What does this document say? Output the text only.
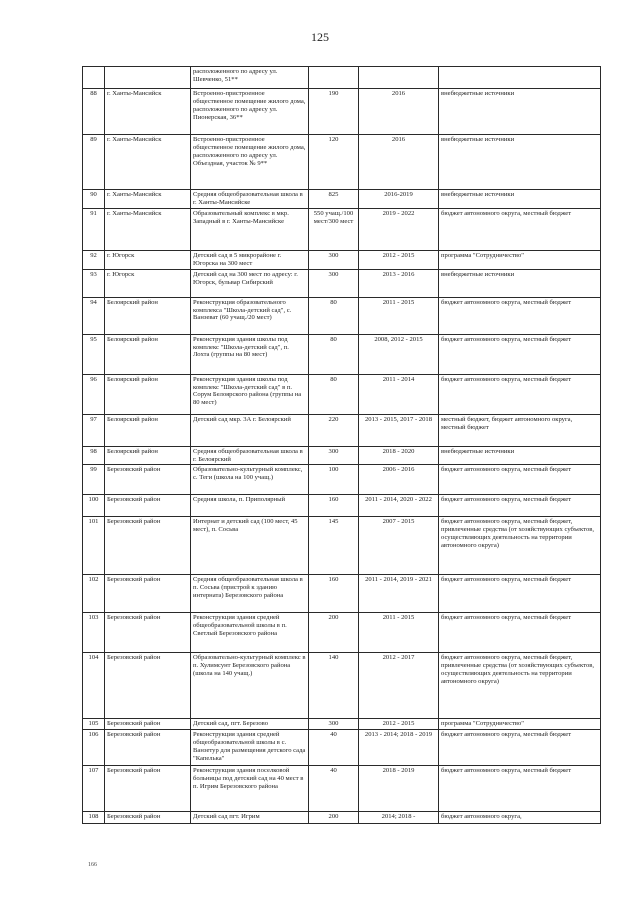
125
		расположенного по адресу ул. Шевченко, 51**			
88	г. Ханты-Мансийск	Встроенно-пристроенное общественное помещение жилого дома, расположенного по адресу ул. Пионерская, 36**	190	2016	внебюджетные источники
89	г. Ханты-Мансийск	Встроенно-пристроенное общественное помещение жилого дома, расположенного по адресу ул. Объездная, участок № 9**	120	2016	внебюджетные источники
90	г. Ханты-Мансийск	Средняя общеобразовательная школа в г. Ханты-Мансийске	825	2016-2019	внебюджетные источники
91	г. Ханты-Мансийск	Образовательный комплекс в мкр. Западный в г. Ханты-Мансийске	550 учащ./100 мест/300 мест	2019 - 2022	бюджет автономного округа, местный бюджет
92	г. Югорск	Детский сад в 5 микрорайоне г. Югорска на 300 мест	300	2012 - 2015	программа "Сотрудничество"
93	г. Югорск	Детский сад на 300 мест по адресу: г. Югорск, бульвар Сибирский	300	2013 - 2016	внебюджетные источники
94	Белоярский район	Реконструкция образовательного комплекса "Школа-детский сад", с. Ванзеват (60 учащ./20 мест)	80	2011 - 2015	бюджет автономного округа, местный бюджет
95	Белоярский район	Реконструкция здания школы под комплекс "Школа-детский сад", п. Лохта (группы на 80 мест)	80	2008, 2012 - 2015	бюджет автономного округа, местный бюджет
96	Белоярский район	Реконструкция здания школы под комплекс "Школа-детский сад" в п. Сорум Белоярского района (группы на 80 мест)	80	2011 - 2014	бюджет автономного округа, местный бюджет
97	Белоярский район	Детский сад мкр. 3А г. Белоярский	220	2013 - 2015, 2017 - 2018	местный бюджет, бюджет автономного округа, местный бюджет
98	Белоярский район	Средняя общеобразовательная школа в г. Белоярский	300	2018 - 2020	внебюджетные источники
99	Березовский район	Образовательно-культурный комплекс, с. Теги (школа на 100 учащ.)	100	2006 - 2016	бюджет автономного округа, местный бюджет
100	Березовский район	Средняя школа, п. Приполярный	160	2011 - 2014, 2020 - 2022	бюджет автономного округа, местный бюджет
101	Березовский район	Интернат и детский сад (100 мест, 45 мест), п. Сосьва	145	2007 - 2015	бюджет автономного округа, местный бюджет, привлеченные средства (от хозяйствующих субъектов, осуществляющих деятельность на территории автономного округа)
102	Березовский район	Средняя общеобразовательная школа в п. Сосьва (пристрой к зданию интерната) Березовского района	160	2011 - 2014, 2019 - 2021	бюджет автономного округа, местный бюджет
103	Березовский район	Реконструкция здания средней общеобразовательной школы в п. Светлый Березовского района	200	2011 - 2015	бюджет автономного округа, местный бюджет
104	Березовский район	Образовательно-культурный комплекс в п. Хулимсунт Березовского района (школа на 140 учащ.)	140	2012 - 2017	бюджет автономного округа, местный бюджет, привлеченные средства (от хозяйствующих субъектов, осуществляющих деятельность на территории автономного округа)
105	Березовский район	Детский сад, пгт. Березово	300	2012 - 2015	программа "Сотрудничество"
106	Березовский район	Реконструкция здания средней общеобразовательной школы в с. Ванзетур для размещения детского сада "Капелька"	40	2013 - 2014; 2018 - 2019	бюджет автономного округа, местный бюджет
107	Березовский район	Реконструкция здания поселковой больницы под детский сад на 40 мест в п. Игрим Березовского района	40	2018 - 2019	бюджет автономного округа, местный бюджет
108	Березовский район	Детский сад пгт. Игрим	200	2014; 2018 -	бюджет автономного округа,
166
